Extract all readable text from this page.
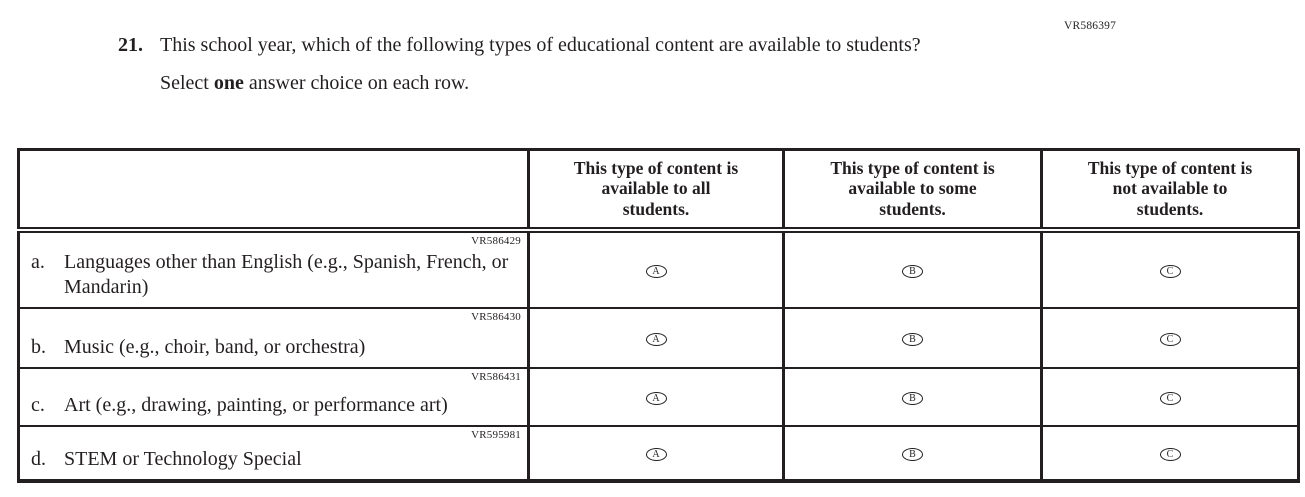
VR586397
21. This school year, which of the following types of educational content are available to students?
Select one answer choice on each row.

	This type of content is
available to all
students.	This type of content is
available to some
students.	This type of content is
not available to
students.

VR586429
a. Languages other than English (e.g., Spanish, French, or Mandarin)	A	B	C

VR586430
b. Music (e.g., choir, band, or orchestra)	A	B	C

VR586431
c. Art (e.g., drawing, painting, or performance art)	A	B	C

VR595981
d. STEM or Technology Special	A	B	C
